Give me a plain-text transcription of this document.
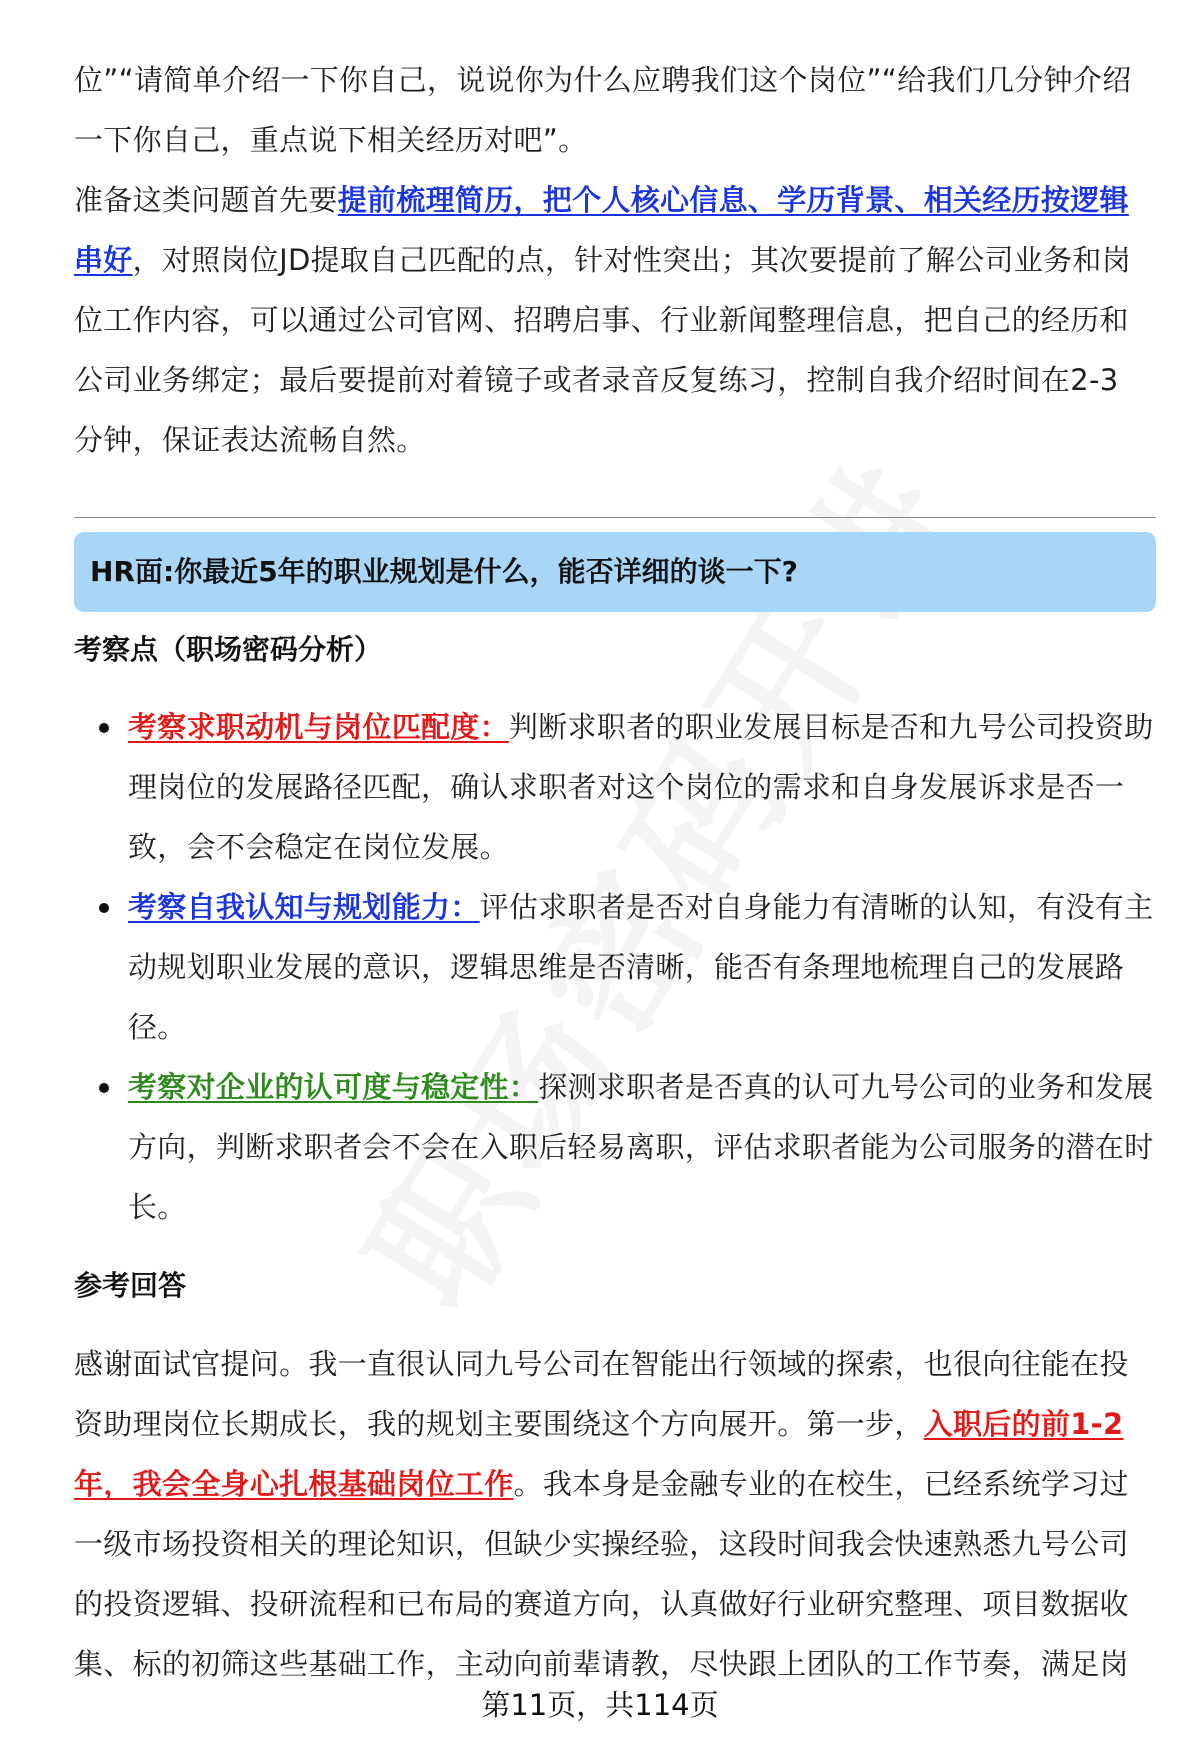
位”“请简单介绍一下你自己，说说你为什么应聘我们这个岗位”“给我们几分钟介绍一下你自己，重点说下相关经历对吧”。
准备这类问题首先要提前梳理简历，把个人核心信息、学历背景、相关经历按逻辑串好，对照岗位JD提取自己匹配的点，针对性突出；其次要提前了解公司业务和岗位工作内容，可以通过公司官网、招聘启事、行业新闻整理信息，把自己的经历和公司业务绑定；最后要提前对着镜子或者录音反复练习，控制自我介绍时间在2-3分钟，保证表达流畅自然。
HR面:你最近5年的职业规划是什么，能否详细的谈一下?
考察点（职场密码分析）
考察求职动机与岗位匹配度：判断求职者的职业发展目标是否和九号公司投资助理岗位的发展路径匹配，确认求职者对这个岗位的需求和自身发展诉求是否一致，会不会稳定在岗位发展。
考察自我认知与规划能力：评估求职者是否对自身能力有清晰的认知，有没有主动规划职业发展的意识，逻辑思维是否清晰，能否有条理地梳理自己的发展路径。
考察对企业的认可度与稳定性：探测求职者是否真的认可九号公司的业务和发展方向，判断求职者会不会在入职后轻易离职，评估求职者能为公司服务的潜在时长。
参考回答
感谢面试官提问。我一直很认同九号公司在智能出行领域的探索，也很向往能在投资助理岗位长期成长，我的规划主要围绕这个方向展开。第一步，入职后的前1-2年，我会全身心扎根基础岗位工作。我本身是金融专业的在校生，已经系统学习过一级市场投资相关的理论知识，但缺少实操经验，这段时间我会快速熟悉九号公司的投资逻辑、投研流程和已布局的赛道方向，认真做好行业研究整理、项目数据收集、标的初筛这些基础工作，主动向前辈请教，尽快跟上团队的工作节奏，满足岗
第11页，共114页
